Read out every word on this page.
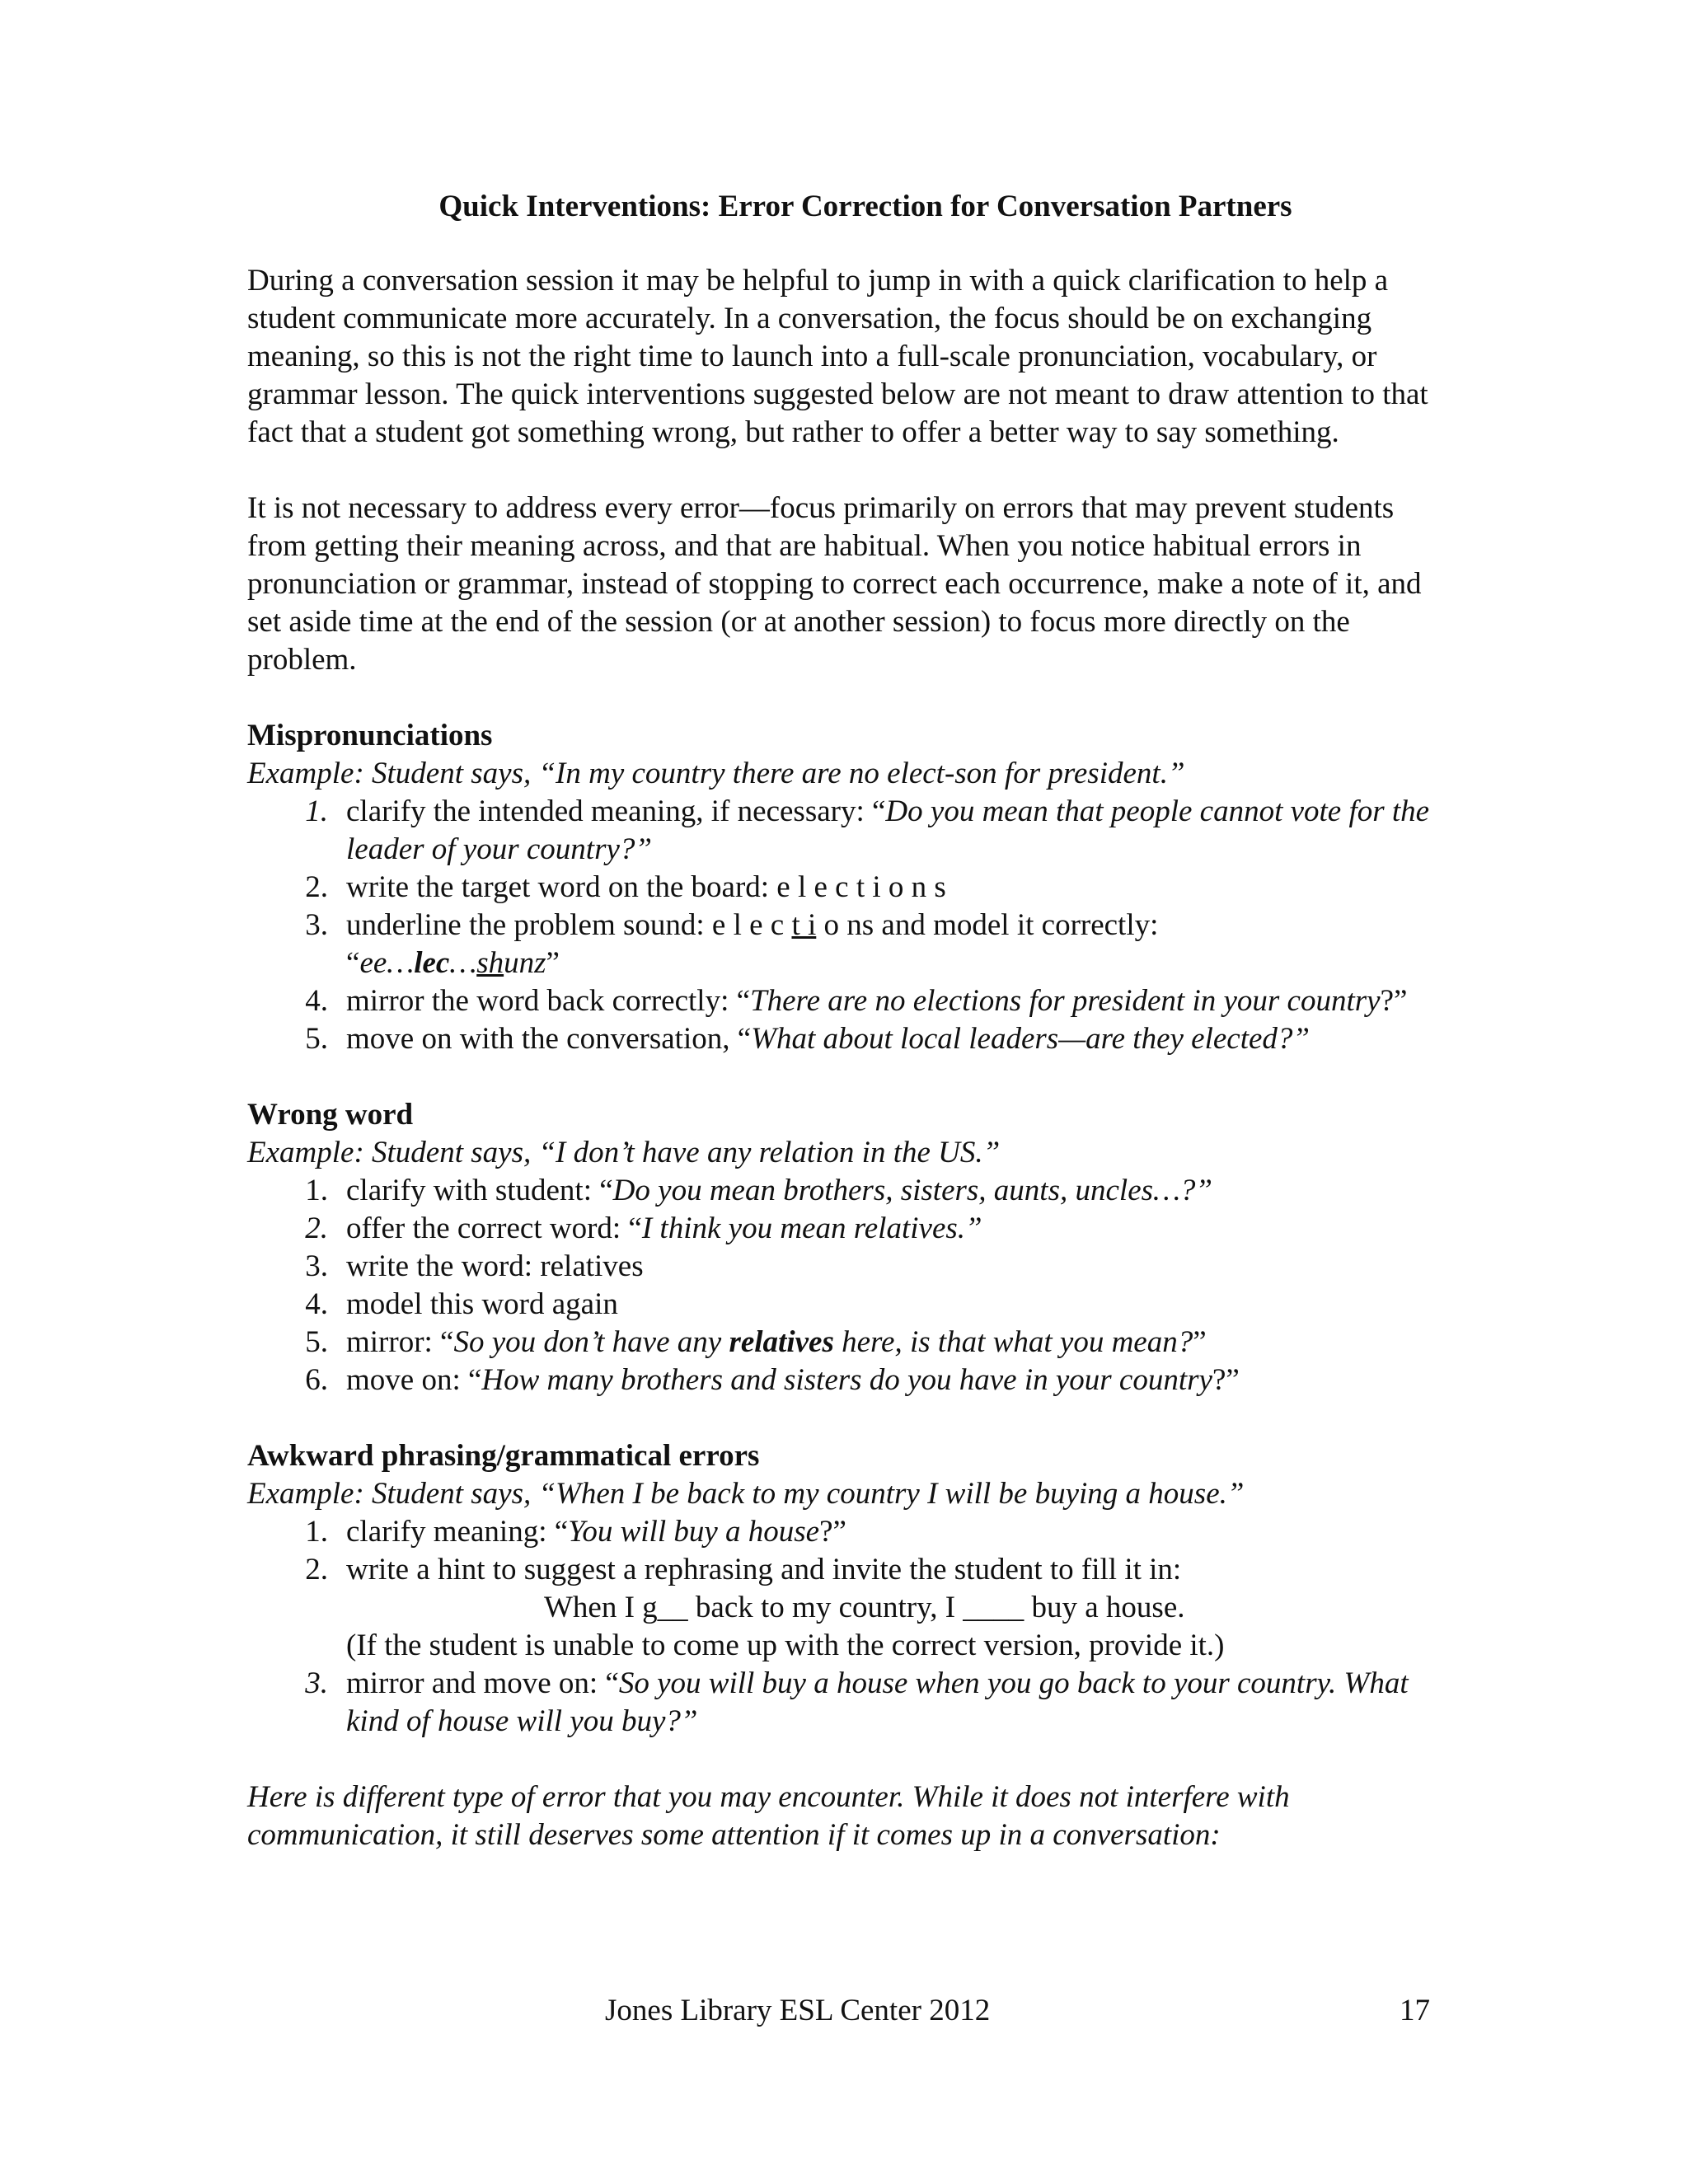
Quick Interventions: Error Correction for Conversation Partners

During a conversation session it may be helpful to jump in with a quick clarification to help a student communicate more accurately. In a conversation, the focus should be on exchanging meaning, so this is not the right time to launch into a full-scale pronunciation, vocabulary, or grammar lesson. The quick interventions suggested below are not meant to draw attention to that fact that a student got something wrong, but rather to offer a better way to say something.

It is not necessary to address every error—focus primarily on errors that may prevent students from getting their meaning across, and that are habitual. When you notice habitual errors in pronunciation or grammar, instead of stopping to correct each occurrence, make a note of it, and set aside time at the end of the session (or at another session) to focus more directly on the problem.

Mispronunciations

Example: Student says, “In my country there are no elect-son for president.”

1. clarify the intended meaning, if necessary: “Do you mean that people cannot vote for the leader of your country?”
2. write the target word on the board: e l e c t i o n s
3. underline the problem sound: e l e c t i o ns and model it correctly:
“ee…lec…shunz”
4. mirror the word back correctly: “There are no elections for president in your country?”
5. move on with the conversation, “What about local leaders—are they elected?”

Wrong word

Example: Student says, “I don’t have any relation in the US.”

1. clarify with student: “Do you mean brothers, sisters, aunts, uncles…?”
2. offer the correct word: “I think you mean relatives.”
3. write the word: relatives
4. model this word again
5. mirror: “So you don’t have any relatives here, is that what you mean?”
6. move on: “How many brothers and sisters do you have in your country?”

Awkward phrasing/grammatical errors

Example: Student says, “When I be back to my country I will be buying a house.”

1. clarify meaning: “You will buy a house?”
2. write a hint to suggest a rephrasing and invite the student to fill it in:
When I g__ back to my country, I ____ buy a house.
(If the student is unable to come up with the correct version, provide it.)
3. mirror and move on: “So you will buy a house when you go back to your country. What kind of house will you buy?”

Here is different type of error that you may encounter. While it does not interfere with communication, it still deserves some attention if it comes up in a conversation:

Jones Library ESL Center 2012	17
